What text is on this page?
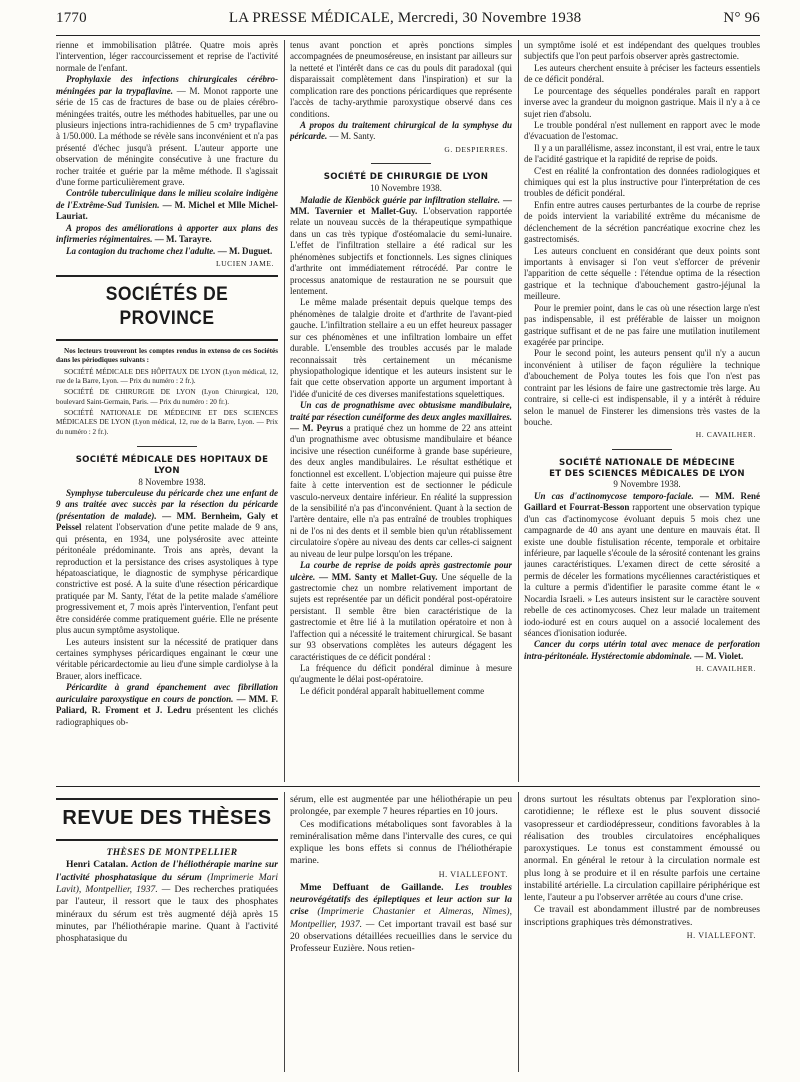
1770	LA PRESSE MÉDICALE, Mercredi, 30 Novembre 1938	N° 96

rienne et immobilisation plâtrée. Quatre mois après l'intervention, léger raccourcissement et reprise de l'activité normale de l'enfant.

Prophylaxie des infections chirurgicales cérébro-méningées par la trypaflavine. — M. Monot rapporte une série de 15 cas de fractures de base ou de plaies cérébro-méningées traités, outre les méthodes habituelles, par une ou plusieurs injections intra-rachidiennes de 5 cm³ trypaflavine à 1/50.000. La méthode se révèle sans inconvénient et n'a pas présenté d'échec jusqu'à présent. L'auteur apporte une observation de méningite consécutive à une fracture du rocher traitée et guérie par la même méthode. Il s'agissait d'une forme particulièrement grave.

Contrôle tuberculinique dans le milieu scolaire indigène de l'Extrême-Sud Tunisien. — M. Michel et Mlle Michel-Lauriat.

A propos des améliorations à apporter aux plans des infirmeries régimentaires. — M. Tarayre.

La contagion du trachome chez l'adulte. — M. Duguet.

LUCIEN JAME.

SOCIÉTÉS DE PROVINCE

Nos lecteurs trouveront les comptes rendus in extenso de ces Sociétés dans les périodiques suivants :

SOCIÉTÉ MÉDICALE DES HÔPITAUX DE LYON (Lyon médical, 12, rue de la Barre, Lyon. — Prix du numéro : 2 fr.).

SOCIÉTÉ DE CHIRURGIE DE LYON (Lyon Chirurgical, 120, boulevard Saint-Germain, Paris. — Prix du numéro : 20 fr.).

SOCIÉTÉ NATIONALE DE MÉDECINE ET DES SCIENCES MÉDICALES DE LYON (Lyon médical, 12, rue de la Barre, Lyon. — Prix du numéro : 2 fr.).

SOCIÉTÉ MÉDICALE DES HOPITAUX DE LYON

8 Novembre 1938.

Symphyse tuberculeuse du péricarde chez une enfant de 9 ans traitée avec succès par la résection du péricarde (présentation de malade). — MM. Bernheim, Galy et Peissel relatent l'observation d'une petite malade de 9 ans, qui présenta, en 1934, une polysérosite avec atteinte péritonéale prédominante. Trois ans après, devant la reproduction et la persistance des crises asystoliques à type hépatoasciatique, le diagnostic de symphyse péricardique constrictive est posé. A la suite d'une résection péricardique pratiquée par M. Santy, l'état de la petite malade s'améliore progressivement et, 7 mois après l'intervention, l'enfant peut être considérée comme pratiquement guérie. Elle ne présente plus aucun symptôme asystolique.

Les auteurs insistent sur la nécessité de pratiquer dans certaines symphyses péricardiques engainant le cœur une véritable péricardectomie au lieu d'une simple cardiolyse à la Brauer, alors inefficace.

Péricardite à grand épanchement avec fibrillation auriculaire paroxystique en cours de ponction. — MM. F. Paliard, R. Froment et J. Ledru présentent les clichés radiographiques ob-

tenus avant ponction et après ponctions simples accompagnées de pneumoséreuse, en insistant par ailleurs sur la netteté et l'intérêt dans ce cas du pouls dit paradoxal (qui disparaissait complètement dans l'inspiration) et sur la complication rare des ponctions péricardiques que représente l'accès de tachy-arythmie paroxystique observé dans ces conditions.

A propos du traitement chirurgical de la symphyse du péricarde. — M. Santy.

G. DESPIERRES.

SOCIÉTÉ DE CHIRURGIE DE LYON

10 Novembre 1938.

Maladie de Kienböck guérie par infiltration stellaire. — MM. Tavernier et Mallet-Guy. L'observation rapportée relate un nouveau succès de la thérapeutique sympathique dans un cas très typique d'ostéomalacie du semi-lunaire. L'effet de l'infiltration stellaire a été radical sur les phénomènes subjectifs et fonctionnels. Les signes cliniques d'arthrite ont immédiatement rétrocédé. Par contre le processus anatomique de restauration ne se poursuit que lentement.

Le même malade présentait depuis quelque temps des phénomènes de talalgie droite et d'arthrite de l'avant-pied gauche. L'infiltration stellaire a eu un effet heureux passager sur ces phénomènes et une infiltration lombaire un effet durable. L'ensemble des troubles accusés par le malade reconnaissait très certainement un mécanisme physiopathologique identique et les auteurs insistent sur le fait que cette observation apporte un argument important à l'idée d'unicité de ces diverses manifestations squelettiques.

Un cas de prognathisme avec obtusisme mandibulaire, traité par résection cunéiforme des deux angles maxillaires. — M. Peyrus a pratiqué chez un homme de 22 ans atteint d'un prognathisme avec obtusisme mandibulaire et béance incisive une résection cunéiforme à grande base supérieure, des deux angles mandibulaires. Le résultat esthétique et fonctionnel est excellent. L'objection majeure qui puisse être faite à cette intervention est de sectionner le pédicule vasculo-nerveux dentaire inférieur. En réalité la suppression de la sensibilité n'a pas d'inconvénient. Quant à la section de l'artère dentaire, elle n'a pas entraîné de troubles trophiques ni de l'os ni des dents et il semble bien qu'un rétablissement circulatoire s'opère au niveau des dents car celles-ci saignent au niveau de leur pulpe lorsqu'on les trépane.

La courbe de reprise de poids après gastrectomie pour ulcère. — MM. Santy et Mallet-Guy. Une séquelle de la gastrectomie chez un nombre relativement important de sujets est représentée par un déficit pondéral post-opératoire persistant. Il semble être bien caractéristique de la gastrectomie et être lié à la mutilation opératoire et non à l'affection qui a nécessité le traitement chirurgical. Se basant sur 93 observations complètes les auteurs dégagent les caractéristiques de ce déficit pondéral :

La fréquence du déficit pondéral diminue à mesure qu'augmente le délai post-opératoire.

Le déficit pondéral apparaît habituellement comme

un symptôme isolé et est indépendant des quelques troubles subjectifs que l'on peut parfois observer après gastrectomie.

Les auteurs cherchent ensuite à préciser les facteurs essentiels de ce déficit pondéral.

Le pourcentage des séquelles pondérales paraît en rapport inverse avec la grandeur du moignon gastrique. Mais il n'y a à ce sujet rien d'absolu.

Le trouble pondéral n'est nullement en rapport avec le mode d'évacuation de l'estomac.

Il y a un parallélisme, assez inconstant, il est vrai, entre le taux de l'acidité gastrique et la rapidité de reprise de poids.

C'est en réalité la confrontation des données radiologiques et chimiques qui est la plus instructive pour l'interprétation de ces troubles de déficit pondéral.

Enfin entre autres causes perturbantes de la courbe de reprise de poids intervient la variabilité extrême du mécanisme de déclenchement de la sécrétion pancréatique exocrine chez les gastrectomisés.

Les auteurs concluent en considérant que deux points sont importants à envisager si l'on veut s'efforcer de prévenir l'apparition de cette séquelle : l'étendue optima de la résection gastrique et la technique d'abouchement gastro-jéjunal la meilleure.

Pour le premier point, dans le cas où une résection large n'est pas indispensable, il est préférable de laisser un moignon gastrique suffisant et de ne pas faire une mutilation inutilement exagérée par principe.

Pour le second point, les auteurs pensent qu'il n'y a aucun inconvénient à utiliser de façon régulière la technique d'abouchement de Polya toutes les fois que l'on n'est pas contraint par les lésions de faire une gastrectomie très large. Au contraire, si celle-ci est indispensable, il y a intérêt à réduire selon le manuel de Finsterer les dimensions très vastes de la bouche.

H. CAVAILHER.

SOCIÉTÉ NATIONALE DE MÉDECINE

ET DES SCIENCES MÉDICALES DE LYON

9 Novembre 1938.

Un cas d'actinomycose temporo-faciale. — MM. René Gaillard et Fourrat-Besson rapportent une observation typique d'un cas d'actinomycose évoluant depuis 5 mois chez une campagnarde de 40 ans ayant une denture en mauvais état. Il existe une double fistulisation récente, temporale et orbitaire inférieure, par laquelle s'écoule de la sérosité contenant les grains jaunes caractéristiques. L'examen direct de cette sérosité a permis de déceler les formations mycéliennes caractéristiques et la culture a permis d'identifier le parasite comme étant le « Nocardia Israeli. » Les auteurs insistent sur le caractère souvent rebelle de ces actinomycoses. Chez leur malade un traitement iodo-ioduré est en cours auquel on a associé localement des séances d'ionisation iodurée.

Cancer du corps utérin total avec menace de perforation intra-péritonéale. Hystérectomie abdominale. — M. Violet.

H. CAVAILHER.

REVUE DES THÈSES

THÈSES DE MONTPELLIER

Henri Catalan. Action de l'héliothérapie marine sur l'activité phosphatasique du sérum (Imprimerie Mari Lavit), Montpellier, 1937. — Des recherches pratiquées par l'auteur, il ressort que le taux des phosphates minéraux du sérum est très augmenté déjà après 15 minutes, par l'héliothérapie marine. Quant à l'activité phosphatasique du

sérum, elle est augmentée par une héliothérapie un peu prolongée, par exemple 7 heures réparties en 10 jours.

Ces modifications métaboliques sont favorables à la reminéralisation même dans l'intervalle des cures, ce qui explique les bons effets si connus de l'héliothérapie marine.

H. VIALLEFONT.

Mme Deffuant de Gaillande. Les troubles neurovégétatifs des épileptiques et leur action sur la crise (Imprimerie Chastanier et Almeras, Nîmes), Montpellier, 1937. — Cet important travail est basé sur 20 observations détaillées recueillies dans le service du Professeur Euzière. Nous retien-

drons surtout les résultats obtenus par l'exploration sino-carotidienne; le réflexe est le plus souvent dissocié vasopresseur et cardiodépresseur, conditions favorables à la réalisation des troubles circulatoires encéphaliques paroxystiques. Le tonus est constamment émoussé ou anormal. En général le retour à la circulation normale est plus long à se produire et il en résulte parfois une certaine instabilité artérielle. La circulation capillaire périphérique est lente, l'auteur a pu l'observer arrêtée au cours d'une crise.

Ce travail est abondamment illustré par de nombreuses inscriptions graphiques très démonstratives.

H. VIALLEFONT.
